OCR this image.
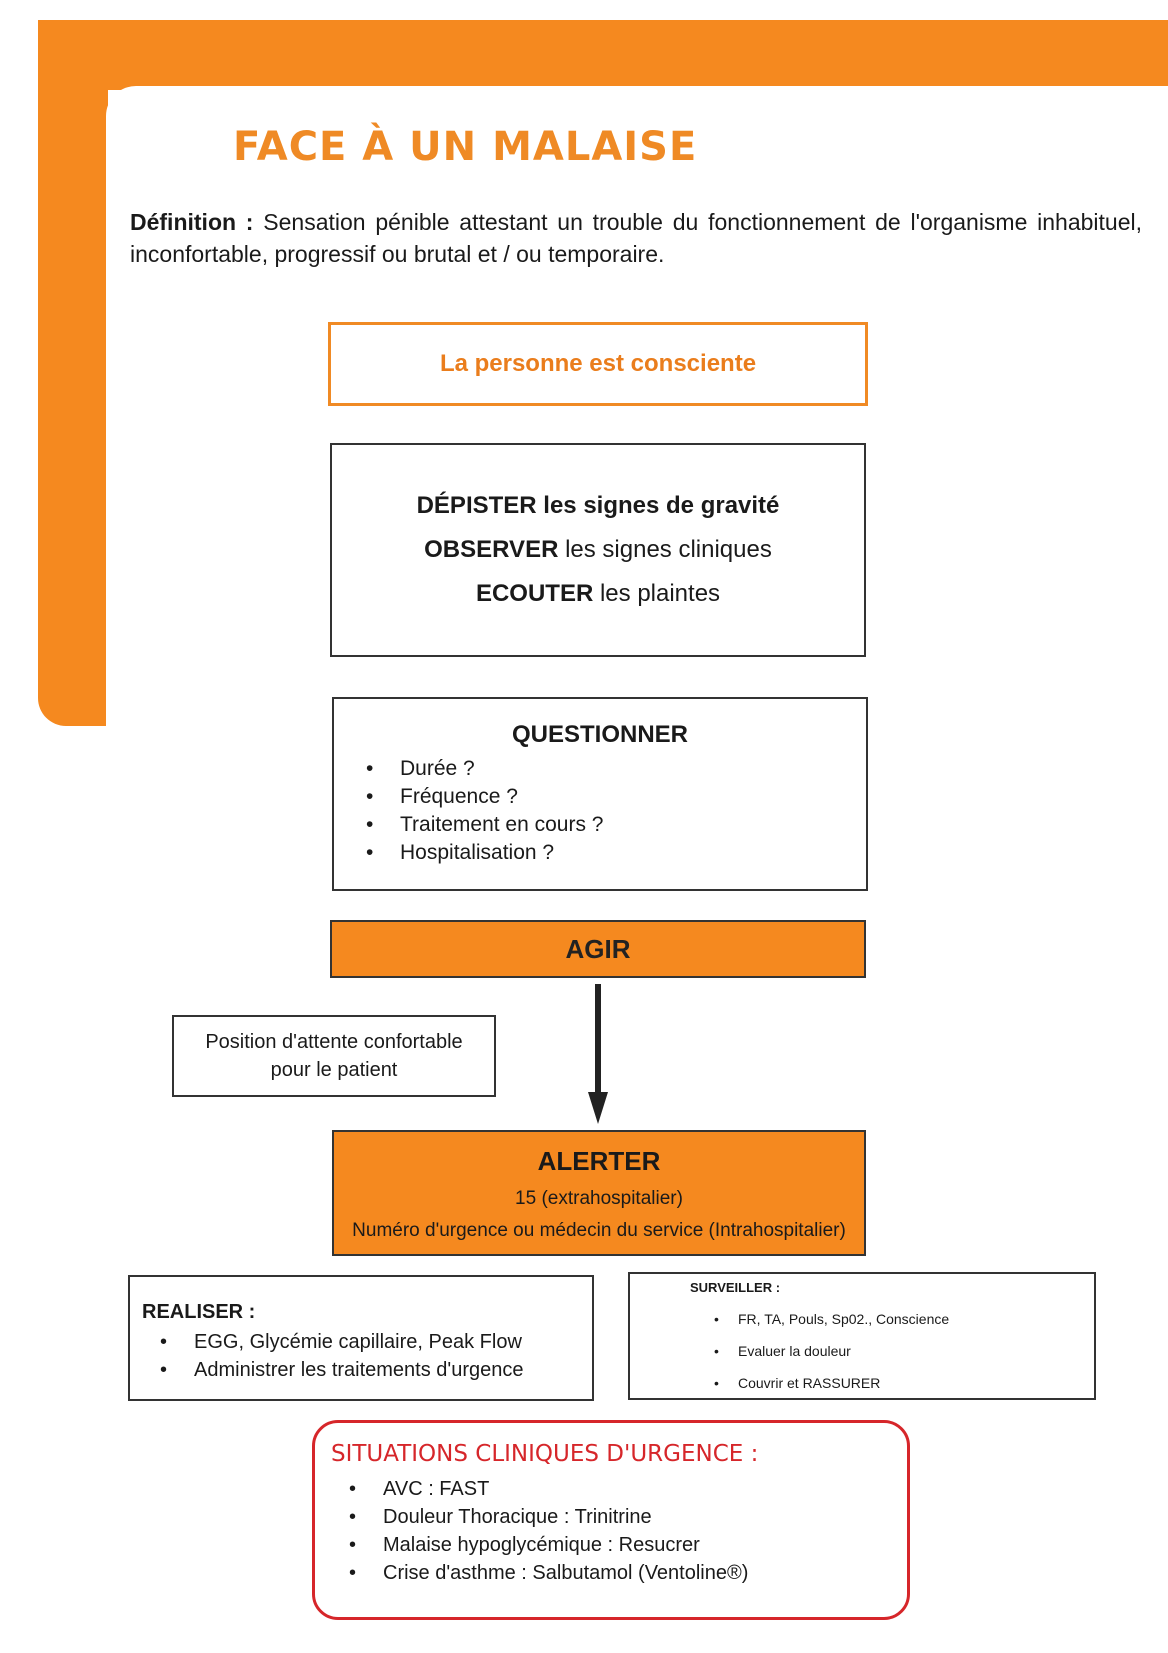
FACE À UN MALAISE

Définition : Sensation pénible attestant un trouble du fonctionnement de l'organisme inhabituel, inconfortable, progressif ou brutal et / ou temporaire.

La personne est consciente
DÉPISTER les signes de gravité
OBSERVER les signes cliniques
ECOUTER les plaintes
QUESTIONNER
• Durée ?
• Fréquence ?
• Traitement en cours ?
• Hospitalisation ?
AGIR
Position d'attente confortable
pour le patient
ALERTER

15 (extrahospitalier)

Numéro d'urgence ou médecin du service (Intrahospitalier)

REALISER :
• EGG, Glycémie capillaire, Peak Flow
• Administrer les traitements d'urgence
SURVEILLER :
• FR, TA, Pouls, Sp02., Conscience
• Evaluer la douleur
• Couvrir et RASSURER
SITUATIONS CLINIQUES D'URGENCE :
• AVC : FAST
• Douleur Thoracique : Trinitrine
• Malaise hypoglycémique : Resucrer
• Crise d'asthme : Salbutamol (Ventoline®)
